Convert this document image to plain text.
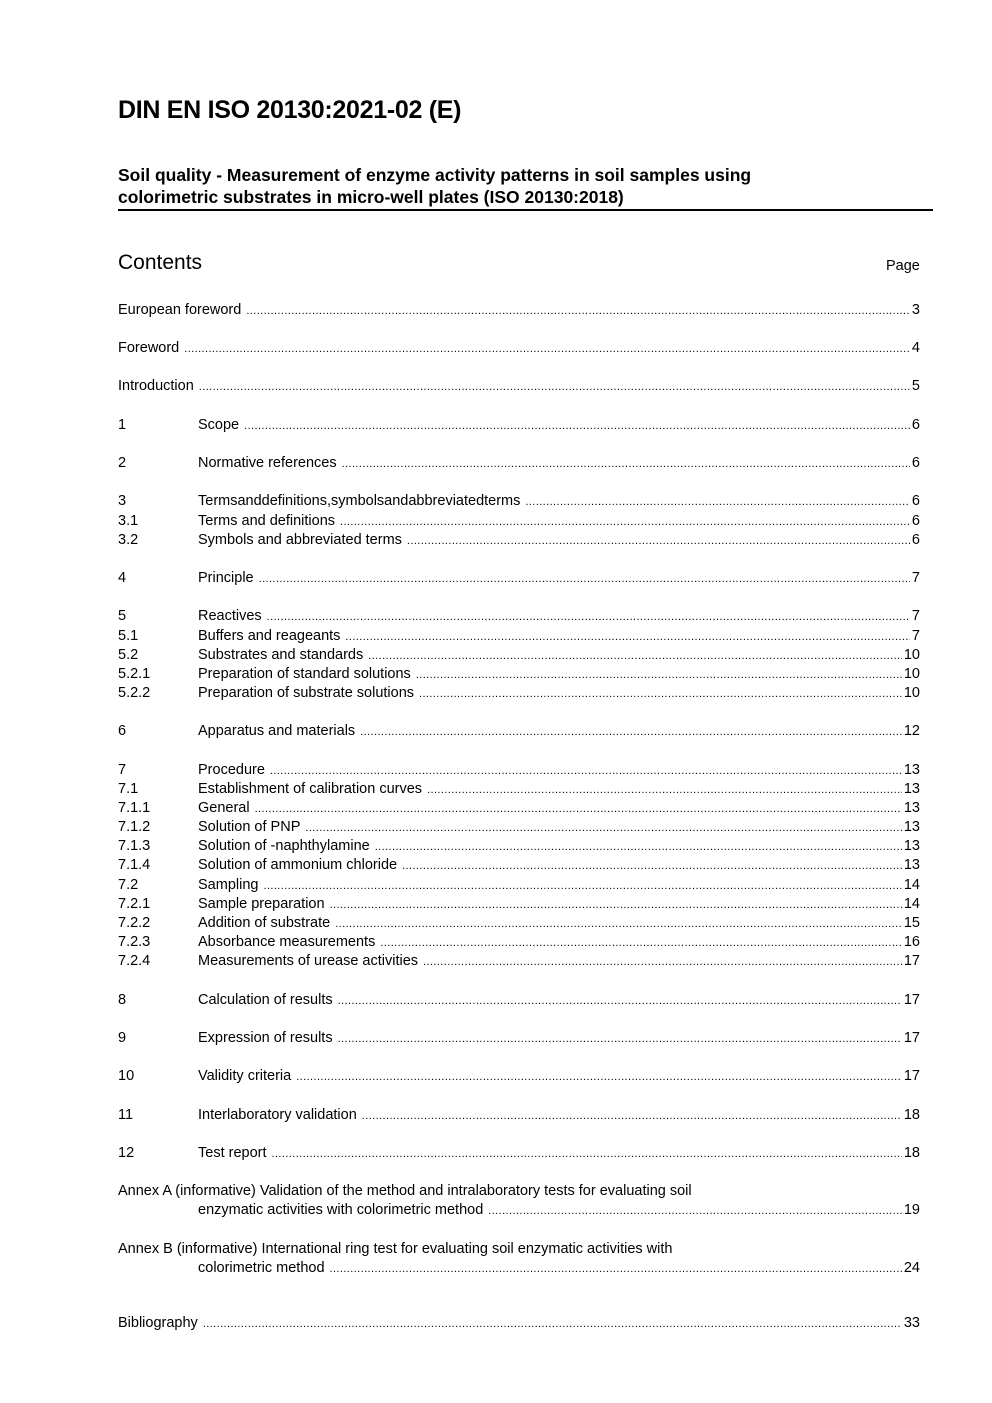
DIN EN ISO 20130:2021-02 (E)
Soil quality - Measurement of enzyme activity patterns in soil samples using
colorimetric substrates in micro-well plates (ISO 20130:2018)
Contents	Page
European foreword .....	3
Foreword .....	4
Introduction .....	5
1	Scope .....	6
2	Normative references .....	6
3	Termsanddefinitions,symbolsandabbreviatedterms .....	6
3.1	Terms and definitions .....	6
3.2	Symbols and abbreviated terms .....	6
4	Principle .....	7
5	Reactives .....	7
5.1	Buffers and reageants .....	7
5.2	Substrates and standards .....	10
5.2.1	Preparation of standard solutions .....	10
5.2.2	Preparation of substrate solutions .....	10
6	Apparatus and materials .....	12
7	Procedure .....	13
7.1	Establishment of calibration curves .....	13
7.1.1	General .....	13
7.1.2	Solution of PNP .....	13
7.1.3	Solution of -naphthylamine .....	13
7.1.4	Solution of ammonium chloride .....	13
7.2	Sampling .....	14
7.2.1	Sample preparation .....	14
7.2.2	Addition of substrate .....	15
7.2.3	Absorbance measurements .....	16
7.2.4	Measurements of urease activities .....	17
8	Calculation of results .....	17
9	Expression of results .....	17
10	Validity criteria .....	17
11	Interlaboratory validation .....	18
12	Test report .....	18
Annex A (informative) Validation of the method and intralaboratory tests for evaluating soil
enzymatic activities with colorimetric method .....	19
Annex B (informative) International ring test for evaluating soil enzymatic activities with
colorimetric method .....	24
Bibliography .....	33
